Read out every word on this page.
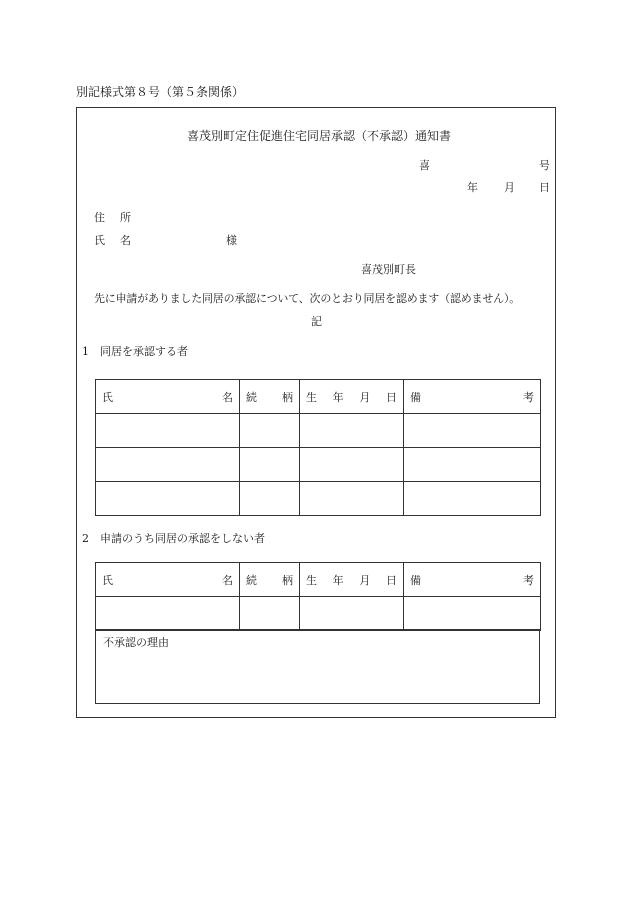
別記様式第８号（第５条関係）
喜茂別町定住促進住宅同居承認（不承認）通知書
喜	号
年 月 日
住 所
氏 名	様
喜茂別町長
先に申請がありました同居の承認について、次のとおり同居を認めます（認めません）。
記
1　同居を承認する者
氏 名	続 柄	生 年 月 日	備 考

2　申請のうち同居の承認をしない者
氏 名	続 柄	生 年 月 日	備 考

不承認の理由
